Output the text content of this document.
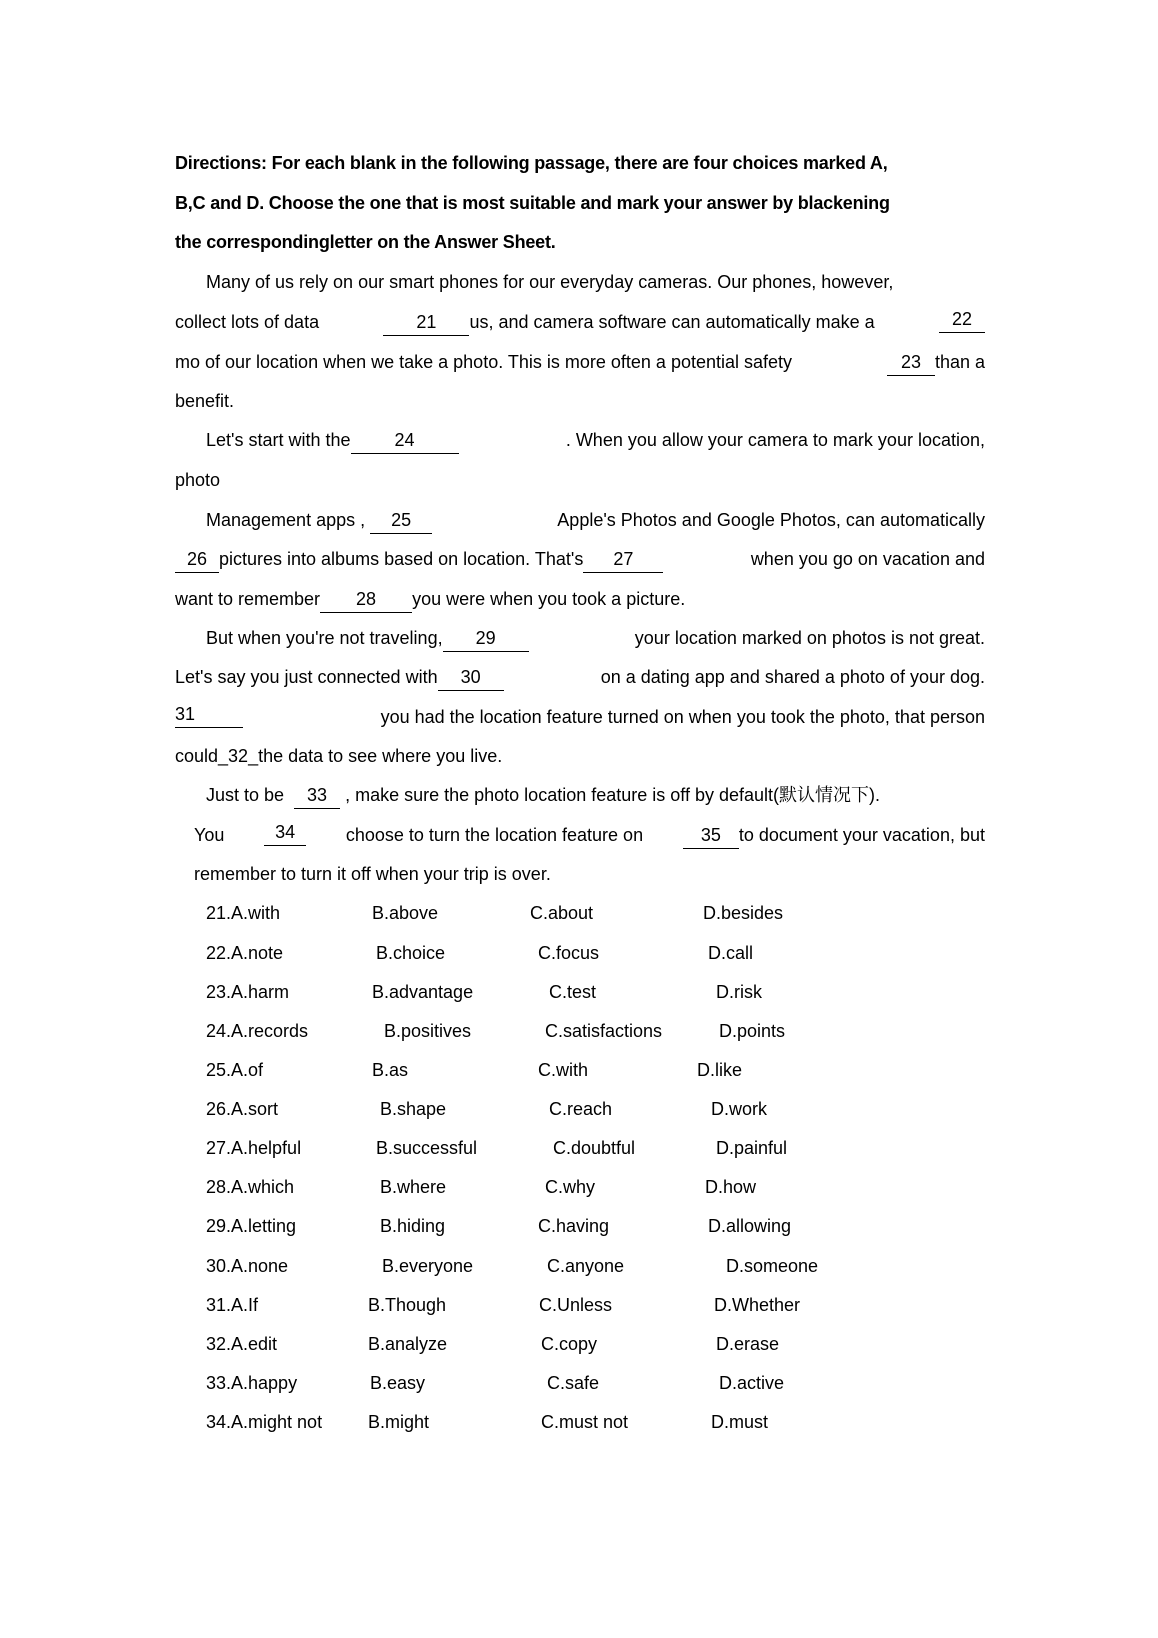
Directions: For each blank in the following passage, there are four choices marked A,
B,C and D. Choose the one that is most suitable and mark your answer by blackening
the correspondingletter on the Answer Sheet.
Many of us rely on our smart phones for our everyday cameras. Our phones, however,
collect lots of data	21 us, and camera software can automatically make a	22
mo of our location when we take a photo. This is more often a potential safety	23 than a
benefit.
Let's start with the 24	. When you allow your camera to mark your location,
photo
Management apps , 25	Apple's Photos and Google Photos, can automatically
26 pictures into albums based on location. That's 27	when you go on vacation and
want to remember 28 you were when you took a picture.
But when you're not traveling, 29	your location marked on photos is not great.
Let's say you just connected with 30	on a dating app and shared a photo of your dog.
31	you had the location feature turned on when you took the photo, that person
could_32_the data to see where you live.
Just to be 33 , make sure the photo location feature is off by default(默认情况下).
You	34	choose to turn the location feature on	35 to document your vacation, but
remember to turn it off when your trip is over.
21.A.with	B.above	C.about	D.besides
22.A.note	B.choice	C.focus	D.call
23.A.harm	B.advantage	C.test	D.risk
24.A.records	B.positives	C.satisfactions	D.points
25.A.of	B.as	C.with	D.like
26.A.sort	B.shape	C.reach	D.work
27.A.helpful	B.successful	C.doubtful	D.painful
28.A.which	B.where	C.why	D.how
29.A.letting	B.hiding	C.having	D.allowing
30.A.none	B.everyone	C.anyone	D.someone
31.A.If	B.Though	C.Unless	D.Whether
32.A.edit	B.analyze	C.copy	D.erase
33.A.happy	B.easy	C.safe	D.active
34.A.might not	B.might	C.must not	D.must
